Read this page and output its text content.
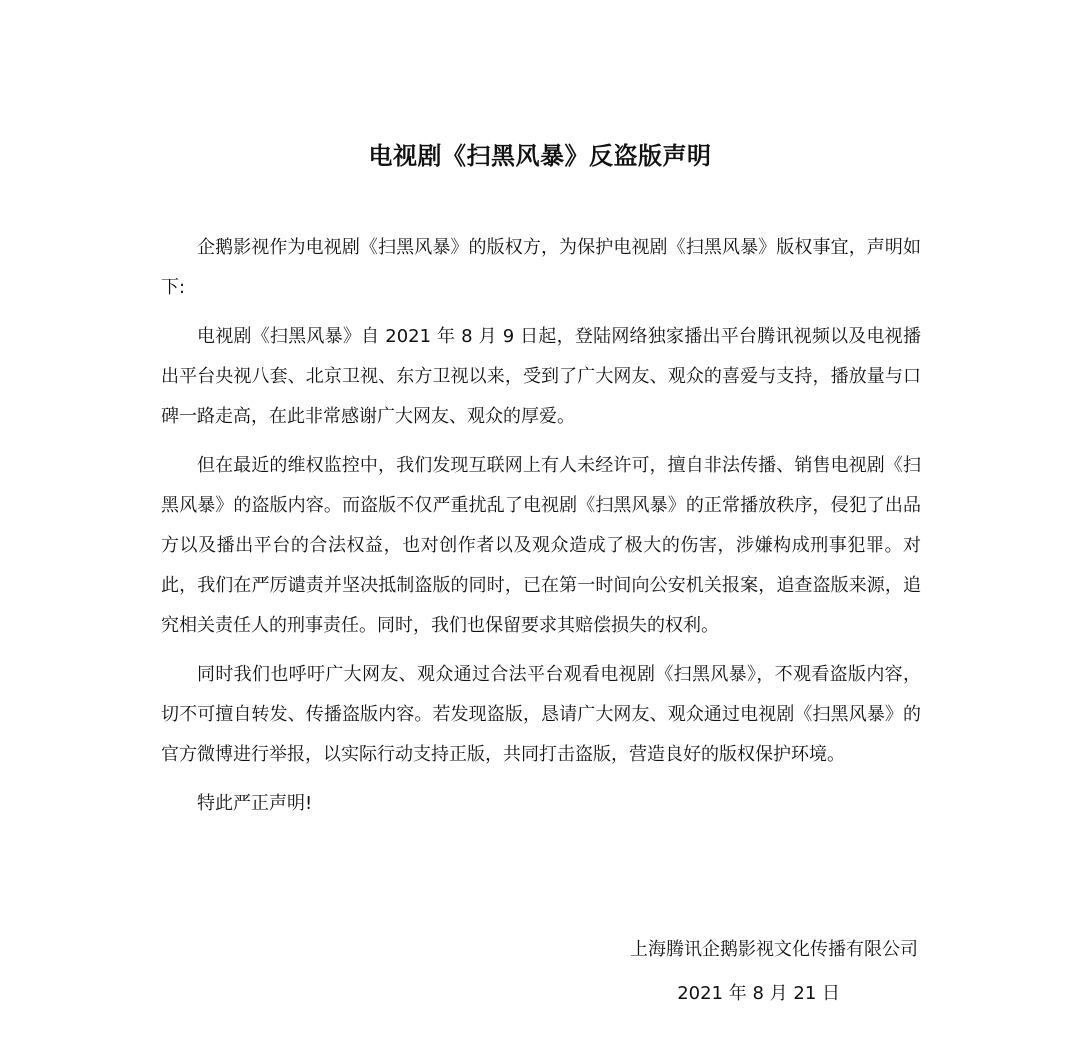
电视剧《扫黑风暴》反盗版声明

企鹅影视作为电视剧《扫黑风暴》的版权方，为保护电视剧《扫黑风暴》版权事宜，声明如下:

电视剧《扫黑风暴》自 2021 年 8 月 9 日起，登陆网络独家播出平台腾讯视频以及电视播出平台央视八套、北京卫视、东方卫视以来，受到了广大网友、观众的喜爱与支持，播放量与口碑一路走高，在此非常感谢广大网友、观众的厚爱。

但在最近的维权监控中，我们发现互联网上有人未经许可，擅自非法传播、销售电视剧《扫黑风暴》的盗版内容。而盗版不仅严重扰乱了电视剧《扫黑风暴》的正常播放秩序，侵犯了出品方以及播出平台的合法权益，也对创作者以及观众造成了极大的伤害，涉嫌构成刑事犯罪。对此，我们在严厉谴责并坚决抵制盗版的同时，已在第一时间向公安机关报案，追查盗版来源，追究相关责任人的刑事责任。同时，我们也保留要求其赔偿损失的权利。

同时我们也呼吁广大网友、观众通过合法平台观看电视剧《扫黑风暴》，不观看盗版内容，切不可擅自转发、传播盗版内容。若发现盗版，恳请广大网友、观众通过电视剧《扫黑风暴》的官方微博进行举报，以实际行动支持正版，共同打击盗版，营造良好的版权保护环境。

特此严正声明!

上海腾讯企鹅影视文化传播有限公司
2021 年 8 月 21 日
